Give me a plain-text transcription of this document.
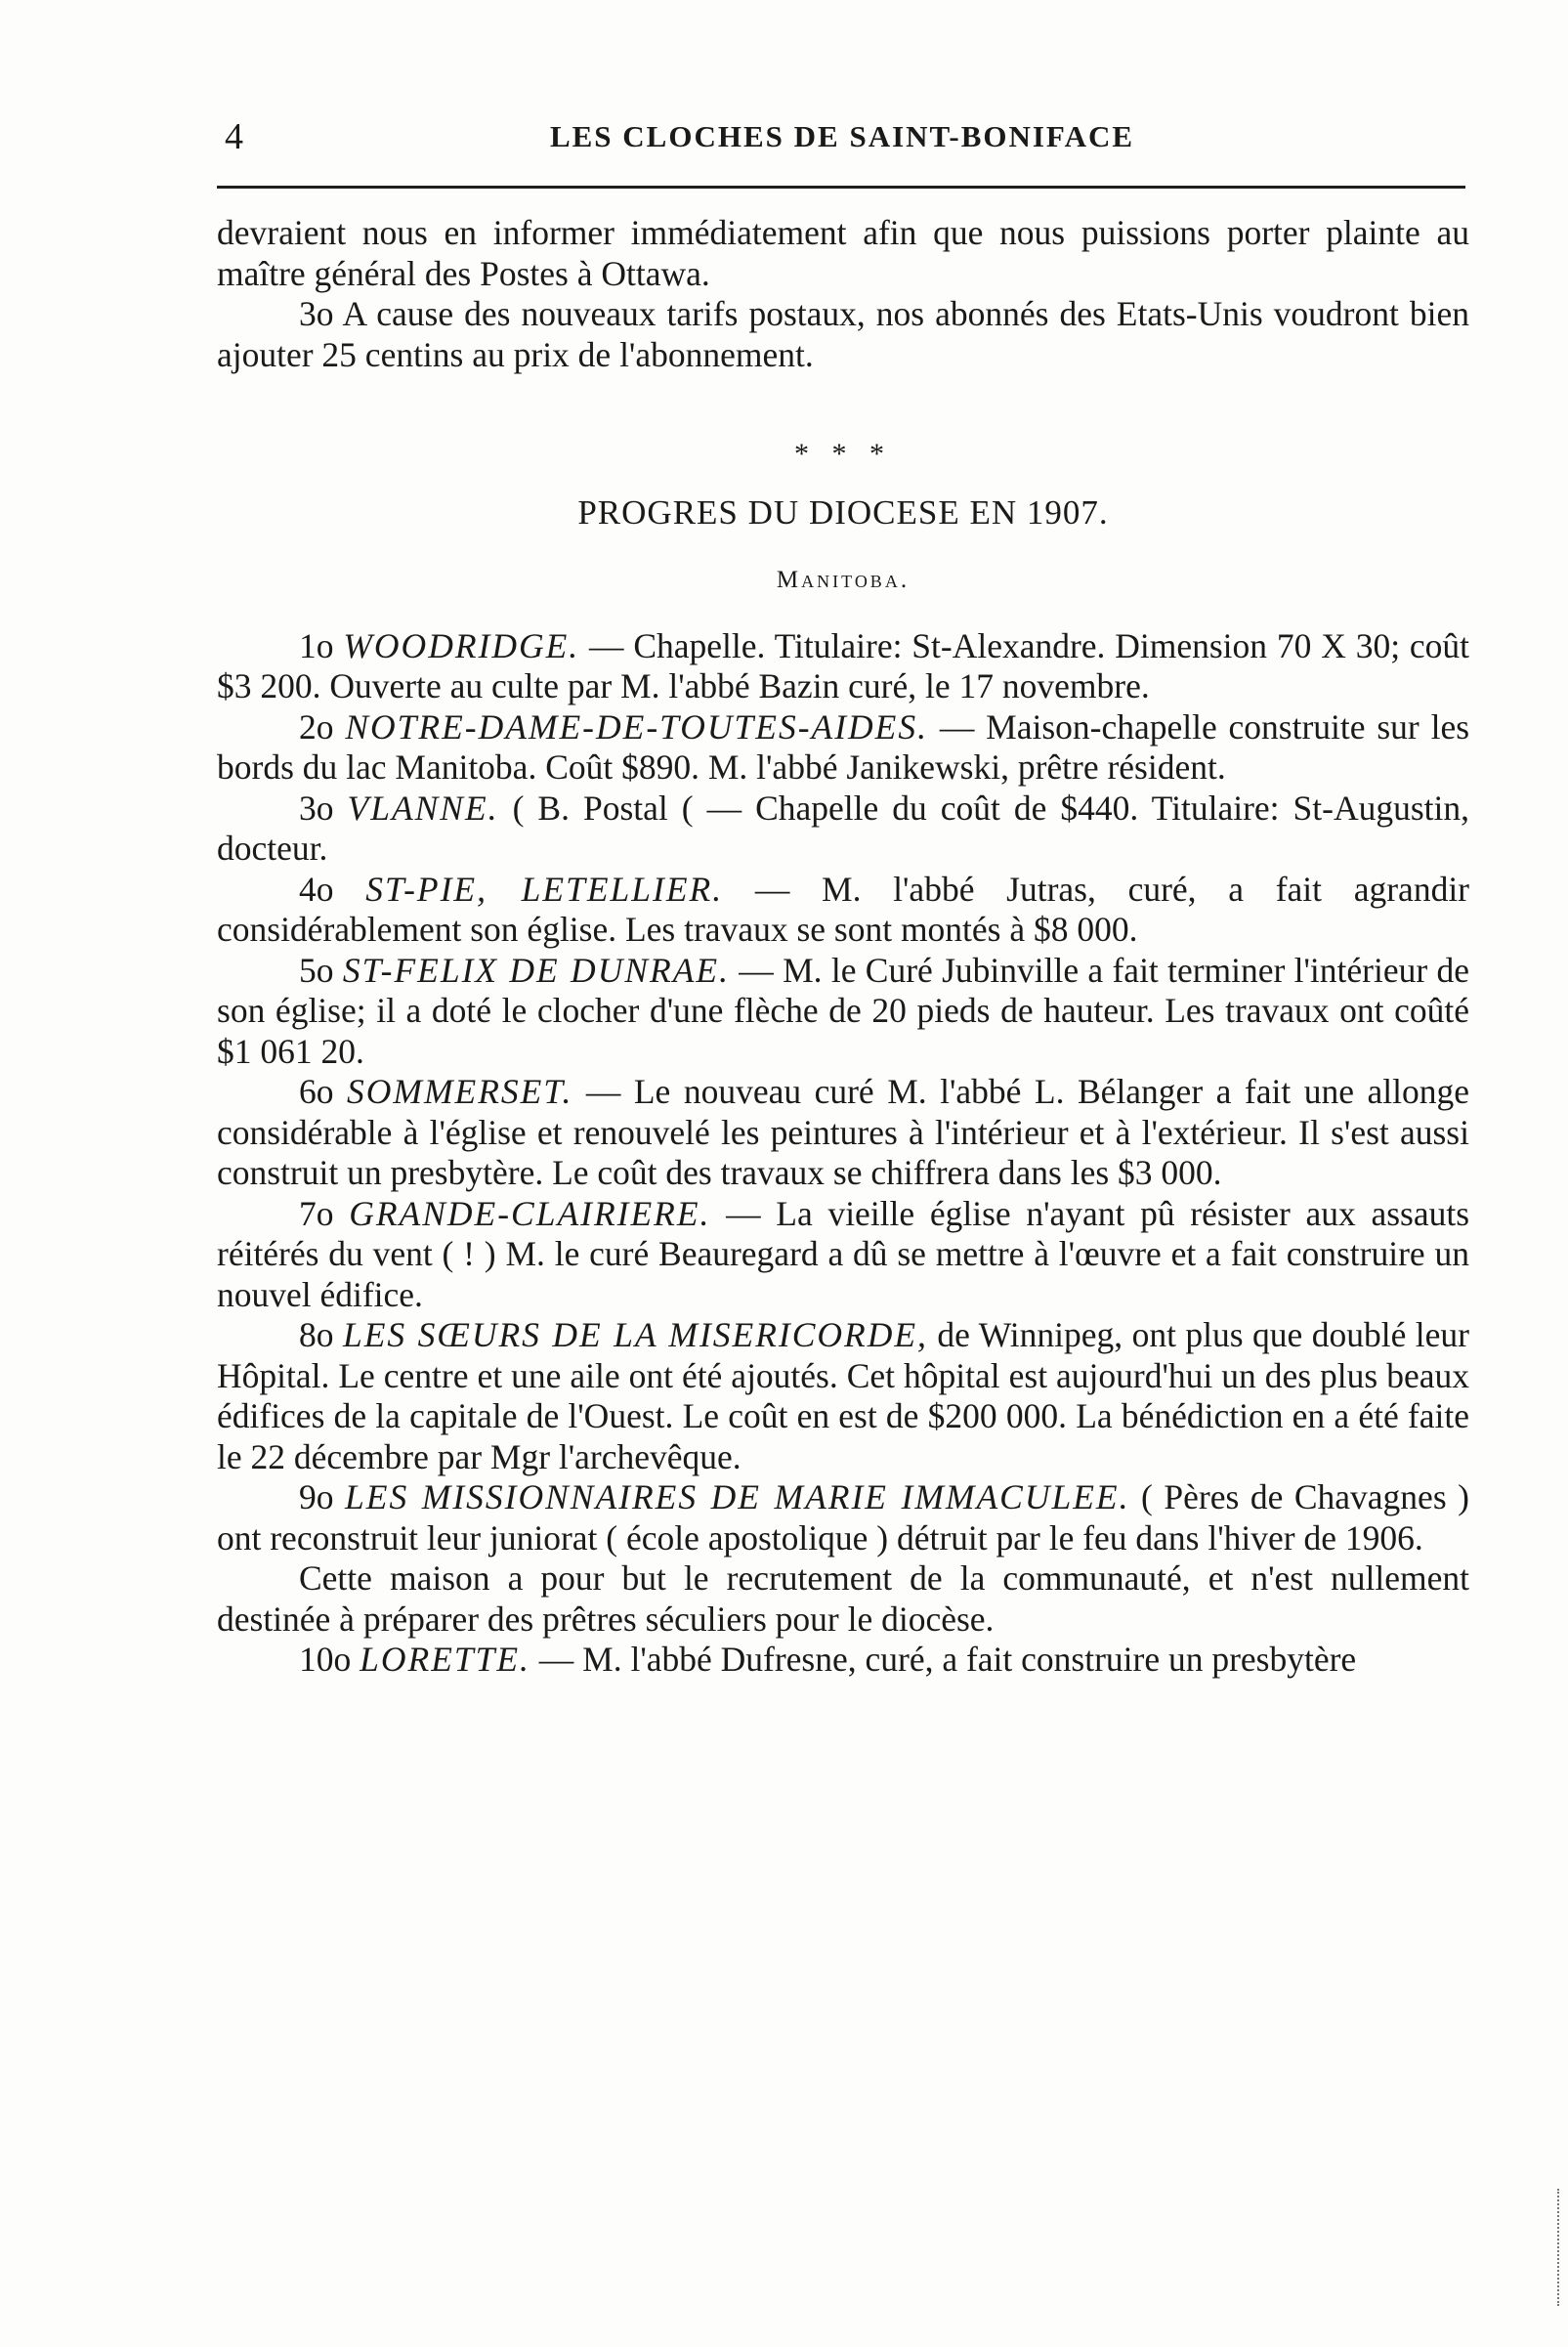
4	LES CLOCHES DE SAINT-BONIFACE

devraient nous en informer immédiatement afin que nous puissions porter plainte au maître général des Postes à Ottawa.

3o A cause des nouveaux tarifs postaux, nos abonnés des Etats-Unis voudront bien ajouter 25 centins au prix de l'abonnement.

* * *

PROGRES DU DIOCESE EN 1907.

Manitoba.

1o WOODRIDGE. — Chapelle. Titulaire: St-Alexandre. Dimension 70 X 30; coût $3 200. Ouverte au culte par M. l'abbé Bazin curé, le 17 novembre.

2o NOTRE-DAME-DE-TOUTES-AIDES. — Maison-chapelle construite sur les bords du lac Manitoba. Coût $890. M. l'abbé Janikewski, prêtre résident.

3o VLANNE. ( B. Postal ( — Chapelle du coût de $440. Titulaire: St-Augustin, docteur.

4o ST-PIE, LETELLIER. — M. l'abbé Jutras, curé, a fait agrandir considérablement son église. Les travaux se sont montés à $8 000.

5o ST-FELIX DE DUNRAE. — M. le Curé Jubinville a fait terminer l'intérieur de son église; il a doté le clocher d'une flèche de 20 pieds de hauteur. Les travaux ont coûté $1 061 20.

6o SOMMERSET. — Le nouveau curé M. l'abbé L. Bélanger a fait une allonge considérable à l'église et renouvelé les peintures à l'intérieur et à l'extérieur. Il s'est aussi construit un presbytère. Le coût des travaux se chiffrera dans les $3 000.

7o GRANDE-CLAIRIERE. — La vieille église n'ayant pû résister aux assauts réitérés du vent ( ! ) M. le curé Beauregard a dû se mettre à l'œuvre et a fait construire un nouvel édifice.

8o LES SŒURS DE LA MISERICORDE, de Winnipeg, ont plus que doublé leur Hôpital. Le centre et une aile ont été ajoutés. Cet hôpital est aujourd'hui un des plus beaux édifices de la capitale de l'Ouest. Le coût en est de $200 000. La bénédiction en a été faite le 22 décembre par Mgr l'archevêque.

9o LES MISSIONNAIRES DE MARIE IMMACULEE. ( Pères de Chavagnes ) ont reconstruit leur juniorat ( école apostolique ) détruit par le feu dans l'hiver de 1906.

Cette maison a pour but le recrutement de la communauté, et n'est nullement destinée à préparer des prêtres séculiers pour le diocèse.

10o LORETTE. — M. l'abbé Dufresne, curé, a fait construire un presbytère
